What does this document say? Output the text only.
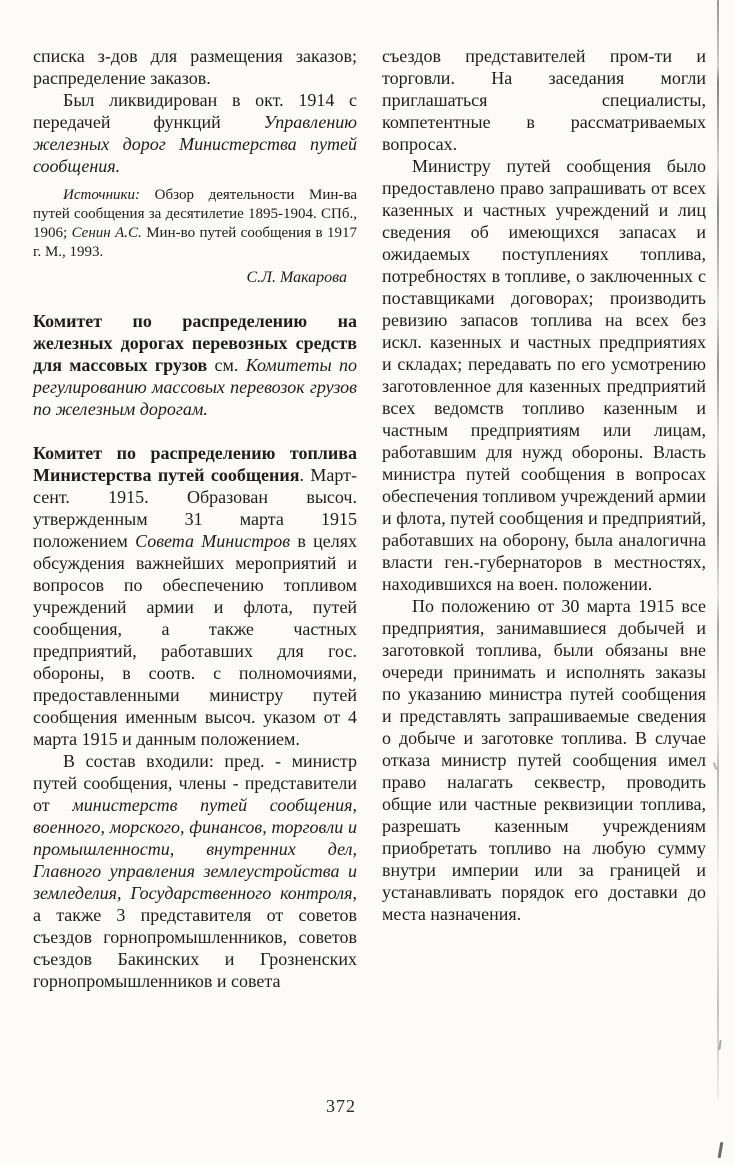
списка з-дов для размещения заказов; распределение заказов.

Был ликвидирован в окт. 1914 с передачей функций Управлению железных дорог Министерства путей сообщения.

Источники: Обзор деятельности Мин-ва путей сообщения за десятилетие 1895-1904. СПб., 1906; Сенин А.С. Мин-во путей сообщения в 1917 г. М., 1993.

С.Л. Макарова

Комитет по распределению на железных дорогах перевозных средств для массовых грузов см. Комитеты по регулированию массовых перевозок грузов по железным дорогам.

Комитет по распределению топлива Министерства путей сообщения. Март-сент. 1915. Образован высоч. утвержденным 31 марта 1915 положением Совета Министров в целях обсуждения важнейших мероприятий и вопросов по обеспечению топливом учреждений армии и флота, путей сообщения, а также частных предприятий, работавших для гос. обороны, в соотв. с полномочиями, предоставленными министру путей сообщения именным высоч. указом от 4 марта 1915 и данным положением.

В состав входили: пред. - министр путей сообщения, члены - представители от министерств путей сообщения, военного, морского, финансов, торговли и промышленности, внутренних дел, Главного управления землеустройства и земледелия, Государственного контроля, а также 3 представителя от советов съездов горнопромышленников, советов съездов Бакинских и Грозненских горнопромышленников и совета

съездов представителей пром-ти и торговли. На заседания могли приглашаться специалисты, компетентные в рассматриваемых вопросах.

Министру путей сообщения было предоставлено право запрашивать от всех казенных и частных учреждений и лиц сведения об имеющихся запасах и ожидаемых поступлениях топлива, потребностях в топливе, о заключенных с поставщиками договорах; производить ревизию запасов топлива на всех без искл. казенных и частных предприятиях и складах; передавать по его усмотрению заготовленное для казенных предприятий всех ведомств топливо казенным и частным предприятиям или лицам, работавшим для нужд обороны. Власть министра путей сообщения в вопросах обеспечения топливом учреждений армии и флота, путей сообщения и предприятий, работавших на оборону, была аналогична власти ген.-губернаторов в местностях, находившихся на воен. положении.

По положению от 30 марта 1915 все предприятия, занимавшиеся добычей и заготовкой топлива, были обязаны вне очереди принимать и исполнять заказы по указанию министра путей сообщения и представлять запрашиваемые сведения о добыче и заготовке топлива. В случае отказа министр путей сообщения имел право налагать секвестр, проводить общие или частные реквизиции топлива, разрешать казенным учреждениям приобретать топливо на любую сумму внутри империи или за границей и устанавливать порядок его доставки до места назначения.

372
